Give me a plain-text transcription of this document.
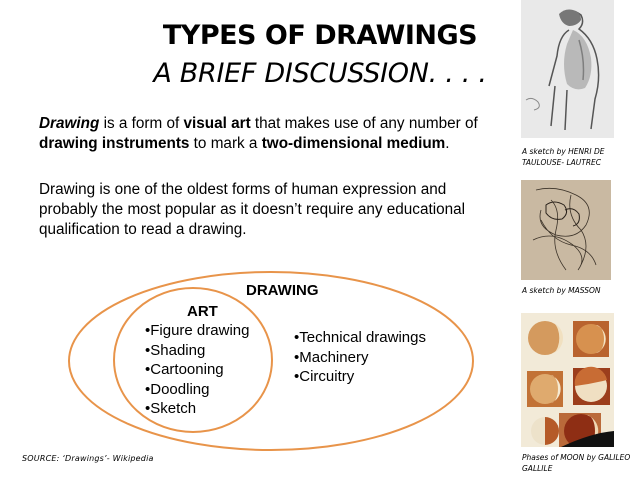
TYPES OF DRAWINGS
A BRIEF DISCUSSION. . . .
Drawing is a form of visual art that makes use of any number of drawing instruments to mark a two-dimensional medium.
Drawing is one of the oldest forms of human expression and probably the most popular as it doesn’t require any educational qualification to read a drawing.
DRAWING
ART
•Figure drawing
•Shading
•Cartooning
•Doodling
•Sketch
•Technical drawings
•Machinery
•Circuitry
SOURCE: ‘Drawings’- Wikipedia
A sketch by HENRI DE TAULOUSE- LAUTREC
A sketch by MASSON
Phases of MOON by GALILEO GALLILE
